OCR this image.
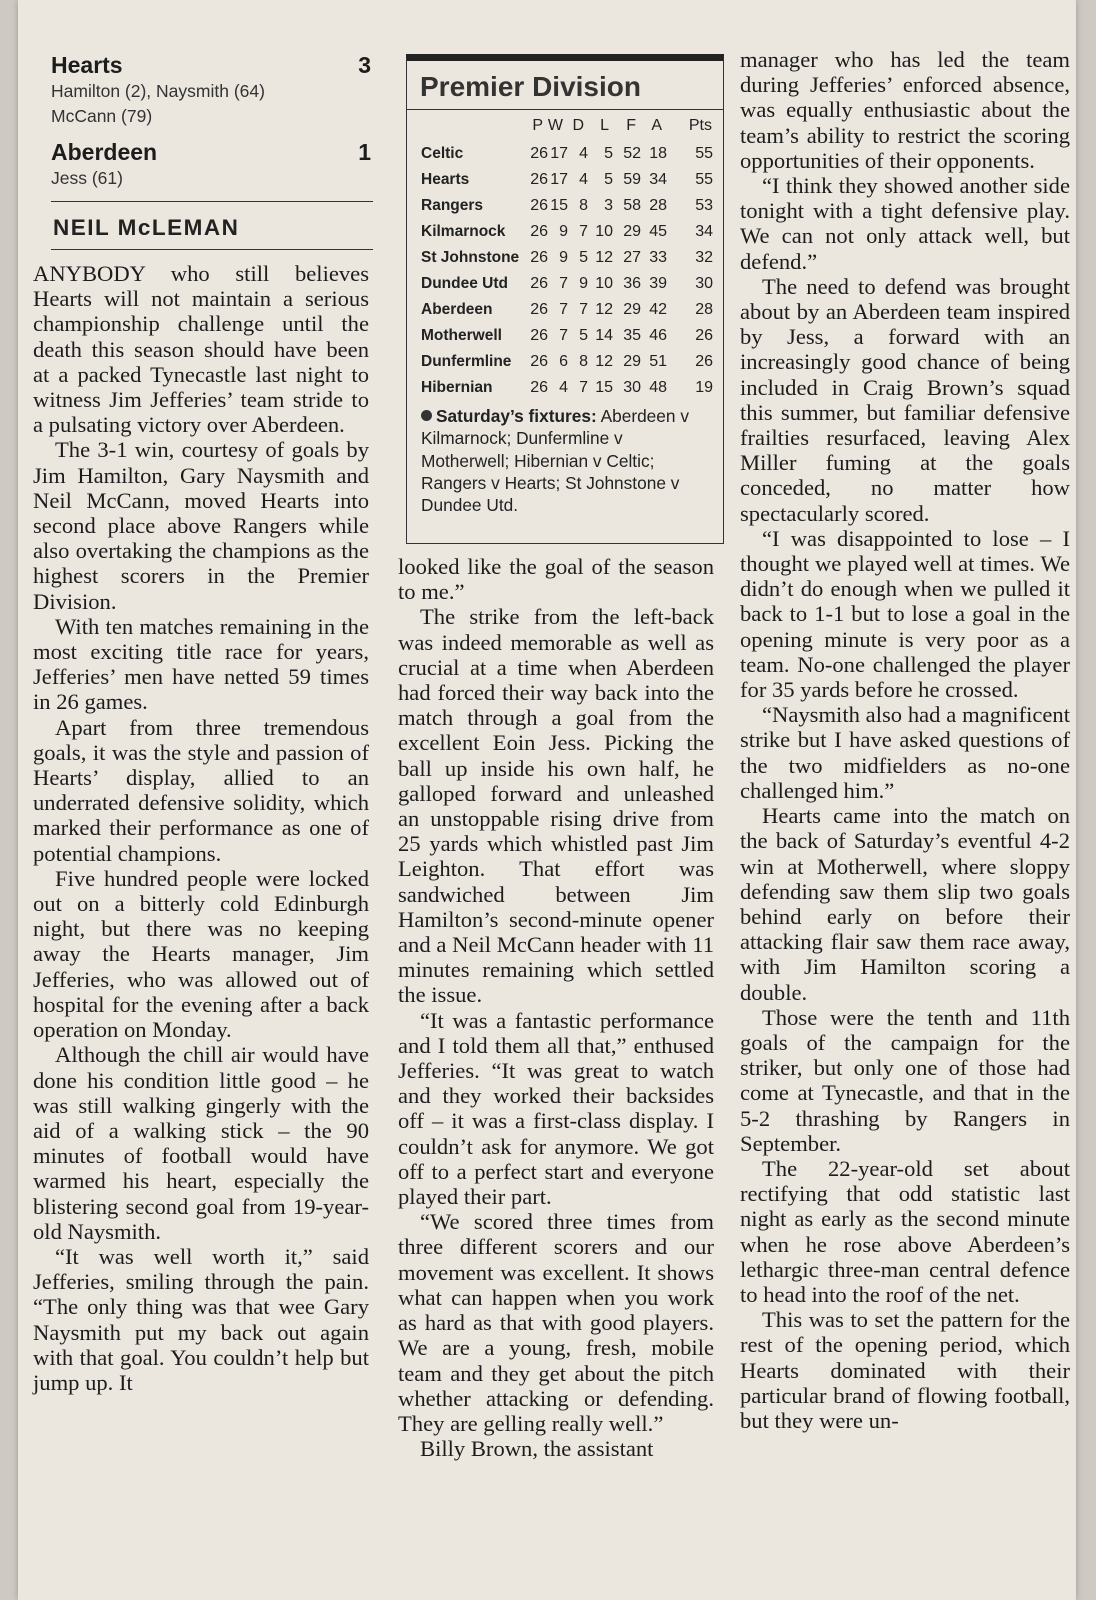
Hearts	3
Hamilton (2), Naysmith (64)
McCann (79)
Aberdeen	1
Jess (61)
NEIL McLEMAN

ANYBODY who still believes Hearts will not maintain a serious championship challenge until the death this season should have been at a packed Tynecastle last night to witness Jim Jefferies’ team stride to a pulsating victory over Aberdeen.

The 3-1 win, courtesy of goals by Jim Hamilton, Gary Naysmith and Neil McCann, moved Hearts into second place above Rangers while also overtaking the champions as the highest scorers in the Premier Division.

With ten matches remaining in the most exciting title race for years, Jefferies’ men have netted 59 times in 26 games.

Apart from three tremendous goals, it was the style and passion of Hearts’ display, allied to an underrated defensive solidity, which marked their performance as one of potential champions.

Five hundred people were locked out on a bitterly cold Edinburgh night, but there was no keeping away the Hearts manager, Jim Jefferies, who was allowed out of hospital for the evening after a back operation on Monday.

Although the chill air would have done his condition little good – he was still walking gingerly with the aid of a walking stick – the 90 minutes of football would have warmed his heart, especially the blistering second goal from 19-year-old Naysmith.

“It was well worth it,” said Jefferies, smiling through the pain. “The only thing was that wee Gary Naysmith put my back out again with that goal. You couldn’t help but jump up. It

Premier Division
P W D L F A Pts
Celtic	26 17 4 5 52 18 55
Hearts	26 17 4 5 59 34 55
Rangers	26 15 8 3 58 28 53
Kilmarnock 26 9 7 10 29 45 34
St Johnstone 26 9 5 12 27 33 32
Dundee Utd 26 7 9 10 36 39 30
Aberdeen 26 7 7 12 29 42 28
Motherwell 26 7 5 14 35 46 26
Dunfermline 26 6 8 12 29 51 26
Hibernian 26 4 7 15 30 48 19
Saturday’s fixtures: Aberdeen v Kilmarnock; Dunfermline v Motherwell; Hibernian v Celtic; Rangers v Hearts; St Johnstone v Dundee Utd.

looked like the goal of the season to me.”

The strike from the left-back was indeed memorable as well as crucial at a time when Aberdeen had forced their way back into the match through a goal from the excellent Eoin Jess. Picking the ball up inside his own half, he galloped forward and unleashed an unstoppable rising drive from 25 yards which whistled past Jim Leighton. That effort was sandwiched between Jim Hamilton’s second-minute opener and a Neil McCann header with 11 minutes remaining which settled the issue.

“It was a fantastic performance and I told them all that,” enthused Jefferies. “It was great to watch and they worked their backsides off – it was a first-class display. I couldn’t ask for anymore. We got off to a perfect start and everyone played their part.

“We scored three times from three different scorers and our movement was excellent. It shows what can happen when you work as hard as that with good players. We are a young, fresh, mobile team and they get about the pitch whether attacking or defending. They are gelling really well.”

Billy Brown, the assistant

manager who has led the team during Jefferies’ enforced absence, was equally enthusiastic about the team’s ability to restrict the scoring opportunities of their opponents.

“I think they showed another side tonight with a tight defensive play. We can not only attack well, but defend.”

The need to defend was brought about by an Aberdeen team inspired by Jess, a forward with an increasingly good chance of being included in Craig Brown’s squad this summer, but familiar defensive frailties resurfaced, leaving Alex Miller fuming at the goals conceded, no matter how spectacularly scored.

“I was disappointed to lose – I thought we played well at times. We didn’t do enough when we pulled it back to 1-1 but to lose a goal in the opening minute is very poor as a team. No-one challenged the player for 35 yards before he crossed.

“Naysmith also had a magnificent strike but I have asked questions of the two midfielders as no-one challenged him.”

Hearts came into the match on the back of Saturday’s eventful 4-2 win at Motherwell, where sloppy defending saw them slip two goals behind early on before their attacking flair saw them race away, with Jim Hamilton scoring a double.

Those were the tenth and 11th goals of the campaign for the striker, but only one of those had come at Tynecastle, and that in the 5-2 thrashing by Rangers in September.

The 22-year-old set about rectifying that odd statistic last night as early as the second minute when he rose above Aberdeen’s lethargic three-man central defence to head into the roof of the net.

This was to set the pattern for the rest of the opening period, which Hearts dominated with their particular brand of flowing football, but they were un-
